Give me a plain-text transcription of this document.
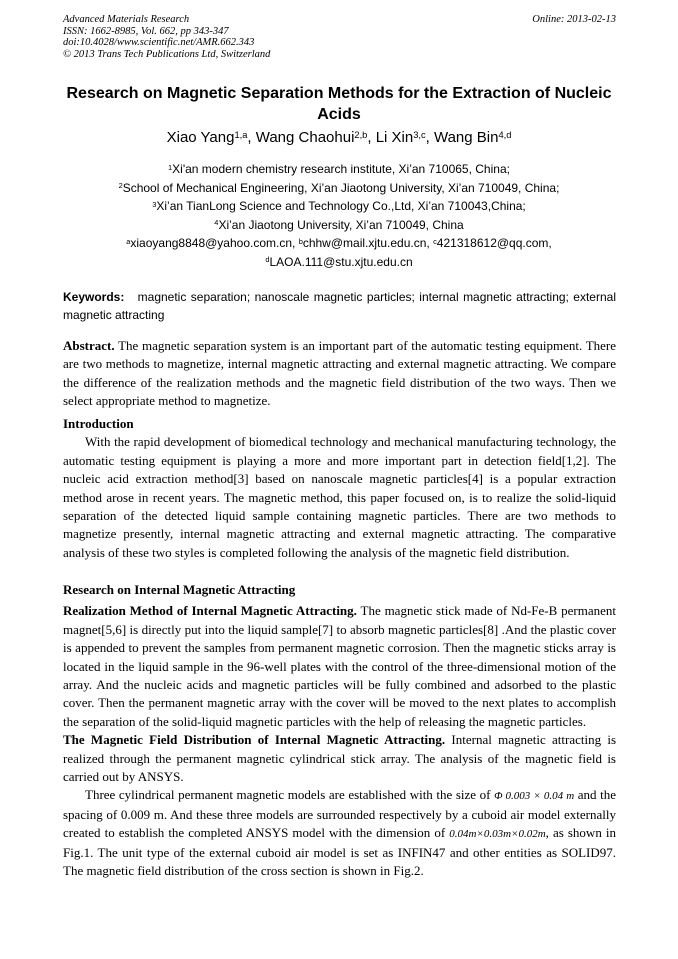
Advanced Materials Research
ISSN: 1662-8985, Vol. 662, pp 343-347
doi:10.4028/www.scientific.net/AMR.662.343
© 2013 Trans Tech Publications Ltd, Switzerland
Online: 2013-02-13
Research on Magnetic Separation Methods for the Extraction of Nucleic Acids
Xiao Yang$^{1,a}$, Wang Chaohui$^{2,b}$, Li Xin$^{3,c}$, Wang Bin$^{4,d}$
$^1$Xi'an modern chemistry research institute, Xi’an 710065, China;
$^2$School of Mechanical Engineering, Xi’an Jiaotong University, Xi’an 710049, China;
$^3$Xi’an TianLong Science and Technology Co.,Ltd, Xi’an 710043,China;
$^4$Xi’an Jiaotong University, Xi’an 710049, China
$^a$xiaoyang8848@yahoo.com.cn, $^b$chhw@mail.xjtu.edu.cn, $^c$421318612@qq.com,
$^d$LAOA.111@stu.xjtu.edu.cn
Keywords: magnetic separation; nanoscale magnetic particles; internal magnetic attracting; external magnetic attracting

Abstract. The magnetic separation system is an important part of the automatic testing equipment. There are two methods to magnetize, internal magnetic attracting and external magnetic attracting. We compare the difference of the realization methods and the magnetic field distribution of the two ways. Then we select appropriate method to magnetize.

Introduction

With the rapid development of biomedical technology and mechanical manufacturing technology, the automatic testing equipment is playing a more and more important part in detection field[1,2]. The nucleic acid extraction method[3] based on nanoscale magnetic particles[4] is a popular extraction method arose in recent years. The magnetic method, this paper focused on, is to realize the solid-liquid separation of the detected liquid sample containing magnetic particles. There are two methods to magnetize presently, internal magnetic attracting and external magnetic attracting. The comparative analysis of these two styles is completed following the analysis of the magnetic field distribution.

Research on Internal Magnetic Attracting

Realization Method of Internal Magnetic Attracting. The magnetic stick made of Nd-Fe-B permanent magnet[5,6] is directly put into the liquid sample[7] to absorb magnetic particles[8] .And the plastic cover is appended to prevent the samples from permanent magnetic corrosion. Then the magnetic sticks array is located in the liquid sample in the 96-well plates with the control of the three-dimensional motion of the array. And the nucleic acids and magnetic particles will be fully combined and adsorbed to the plastic cover. Then the permanent magnetic array with the cover will be moved to the next plates to accomplish the separation of the solid-liquid magnetic particles with the help of releasing the magnetic particles.

The Magnetic Field Distribution of Internal Magnetic Attracting. Internal magnetic attracting is realized through the permanent magnetic cylindrical stick array. The analysis of the magnetic field is carried out by ANSYS.

Three cylindrical permanent magnetic models are established with the size of Φ 0.003 × 0.04 m and the spacing of 0.009 m. And these three models are surrounded respectively by a cuboid air model externally created to establish the completed ANSYS model with the dimension of 0.04m×0.03m×0.02m, as shown in Fig.1. The unit type of the external cuboid air model is set as INFIN47 and other entities as SOLID97. The magnetic field distribution of the cross section is shown in Fig.2.
